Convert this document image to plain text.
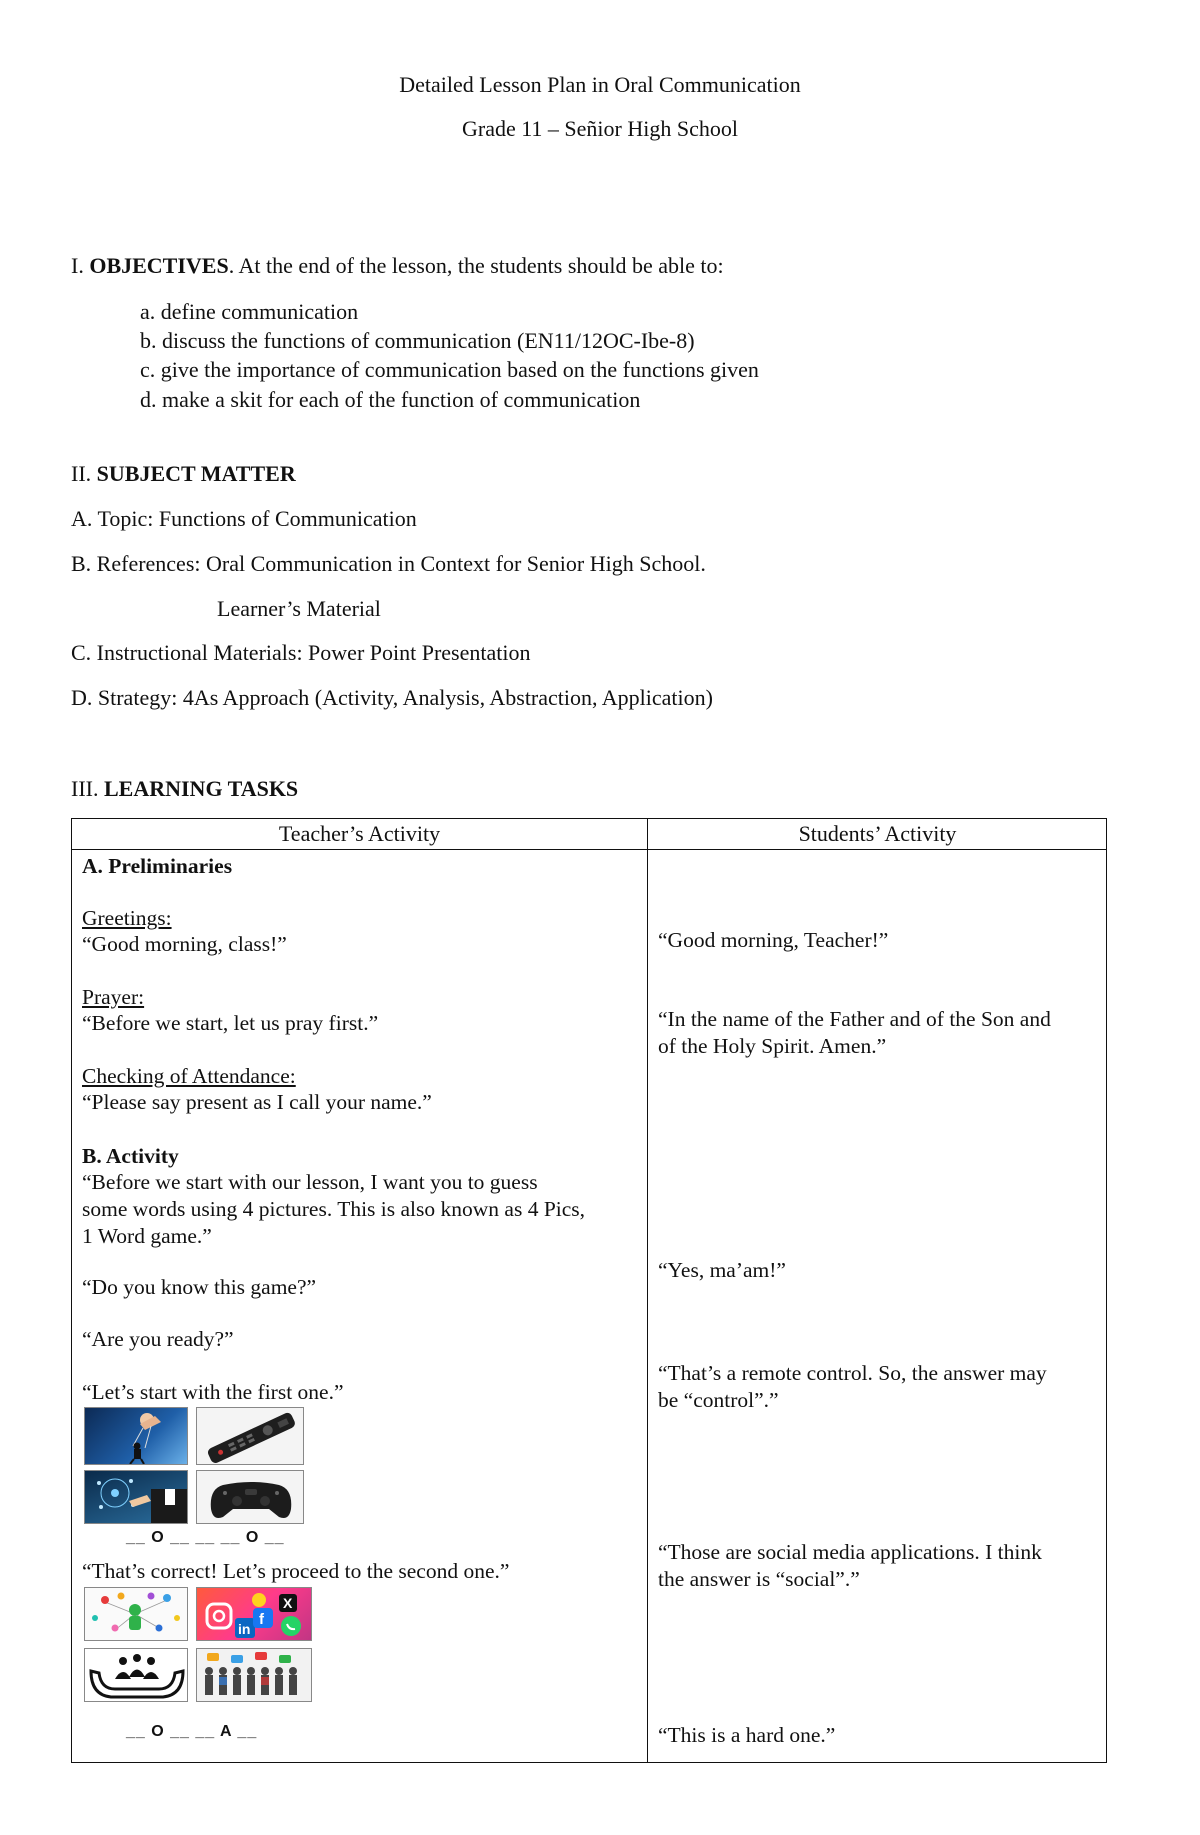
Detailed Lesson Plan in Oral Communication
Grade 11 – Señior High School
I. OBJECTIVES. At the end of the lesson, the students should be able to:
a. define communication
b. discuss the functions of communication (EN11/12OC-Ibe-8)
c. give the importance of communication based on the functions given
d. make a skit for each of the function of communication
II. SUBJECT MATTER
A. Topic: Functions of Communication
B. References: Oral Communication in Context for Senior High School.
Learner’s Material
C. Instructional Materials: Power Point Presentation
D. Strategy: 4As Approach (Activity, Analysis, Abstraction, Application)
III. LEARNING TASKS
Teacher’s Activity	Students’ Activity
A. Preliminaries
Greetings:
“Good morning, class!”
Prayer:
“Before we start, let us pray first.”
Checking of Attendance:
“Please say present as I call your name.”
B. Activity
“Before we start with our lesson, I want you to guess
some words using 4 pictures. This is also known as 4 Pics,
1 Word game.”
“Do you know this game?”
“Are you ready?”
“Let’s start with the first one.”
__ O __ __ __ O __
“That’s correct! Let’s proceed to the second one.”
in
f
X
__ O __ __ A __
“Good morning, Teacher!”
“In the name of the Father and of the Son and
of the Holy Spirit. Amen.”
“Yes, ma’am!”
“That’s a remote control. So, the answer may
be “control”.”
“Those are social media applications. I think
the answer is “social”.”
“This is a hard one.”
